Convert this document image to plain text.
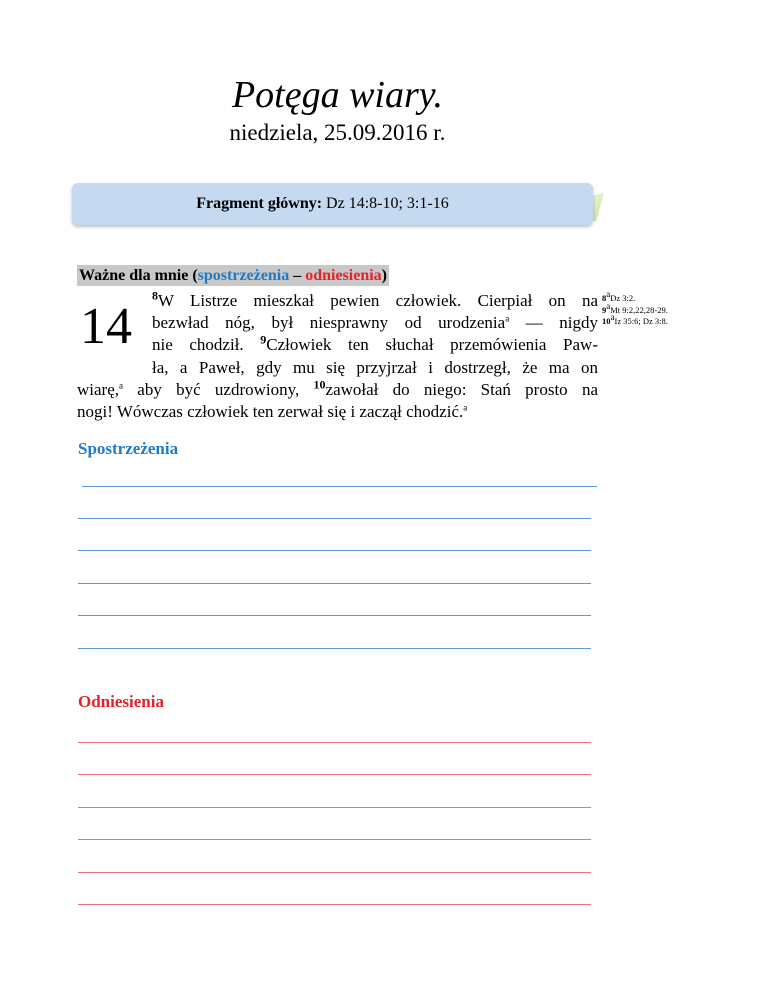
Potęga wiary.
niedziela, 25.09.2016 r.
Fragment główny: Dz 14:8-10; 3:1-16
Ważne dla mnie (spostrzeżenia – odniesienia)
14
$^8$W Listrze mieszkał pewien człowiek. Cierpiał on na
bezwład nóg, był niesprawny od urodzenia$^a$ — nigdy
nie chodził. $^9$Człowiek ten słuchał przemówienia Paw-
ła, a Paweł, gdy mu się przyjrzał i dostrzegł, że ma on
wiarę,$^a$ aby być uzdrowiony, $^{10}$zawołał do niego: Stań prosto na
nogi! Wówczas człowiek ten zerwał się i zaczął chodzić.$^a$
8aDz 3:2.
9aMt 9:2,22,28-29.
10aIz 35:6; Dz 3:8.
Spostrzeżenia
Odniesienia
